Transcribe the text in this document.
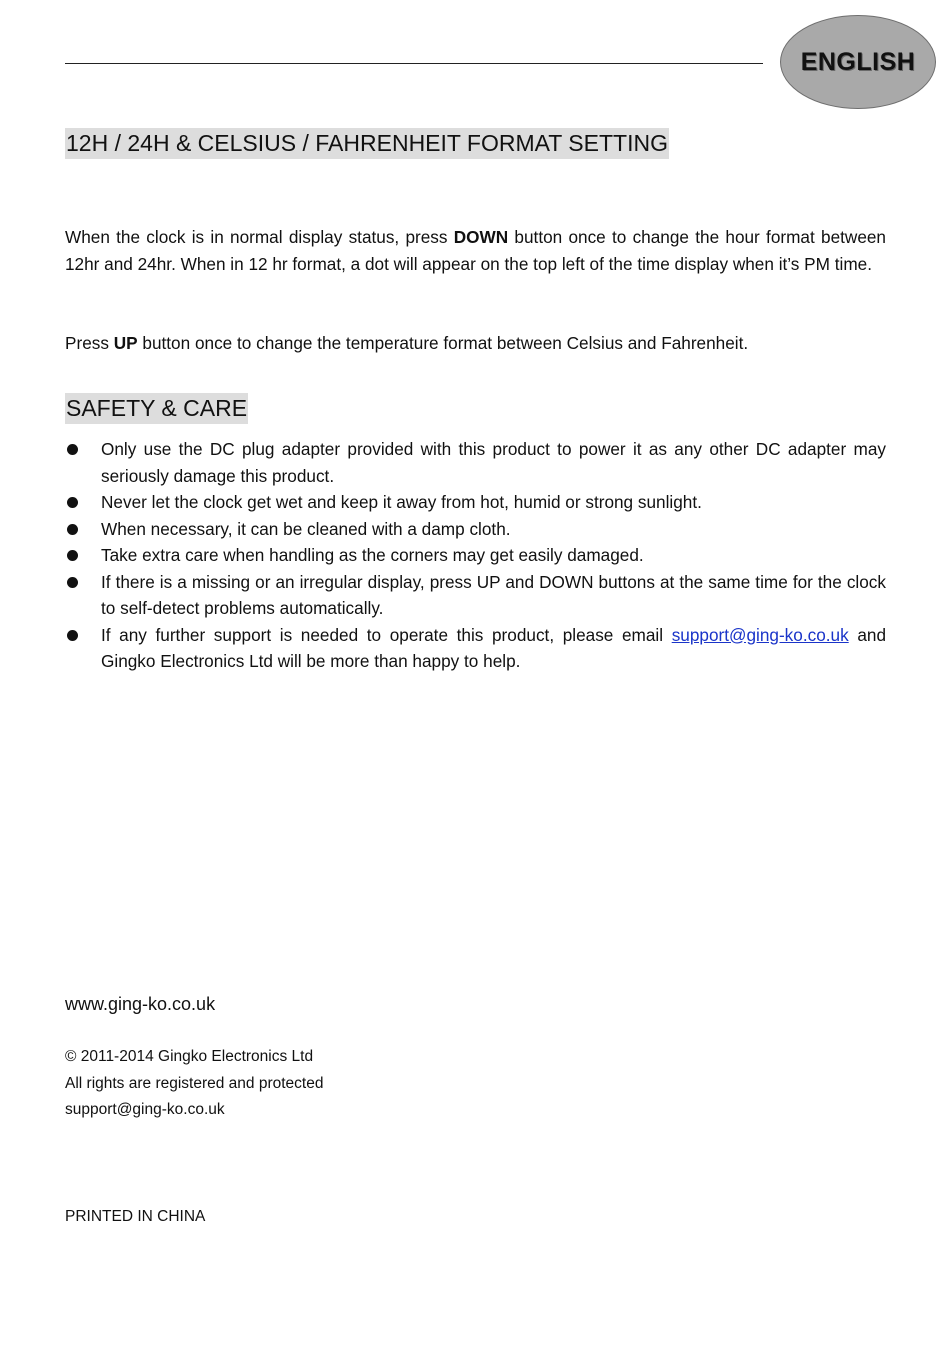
ENGLISH
12H / 24H & CELSIUS / FAHRENHEIT FORMAT SETTING

When the clock is in normal display status, press DOWN button once to change the hour format between 12hr and 24hr. When in 12 hr format, a dot will appear on the top left of the time display when it’s PM time.

Press UP button once to change the temperature format between Celsius and Fahrenheit.

SAFETY & CARE
Only use the DC plug adapter provided with this product to power it as any other DC adapter may seriously damage this product.
Never let the clock get wet and keep it away from hot, humid or strong sunlight.
When necessary, it can be cleaned with a damp cloth.
Take extra care when handling as the corners may get easily damaged.
If there is a missing or an irregular display, press UP and DOWN buttons at the same time for the clock to self-detect problems automatically.
If any further support is needed to operate this product, please email support@ging-ko.co.uk and Gingko Electronics Ltd will be more than happy to help.
www.ging-ko.co.uk
© 2011-2014 Gingko Electronics Ltd
All rights are registered and protected
support@ging-ko.co.uk
PRINTED IN CHINA
